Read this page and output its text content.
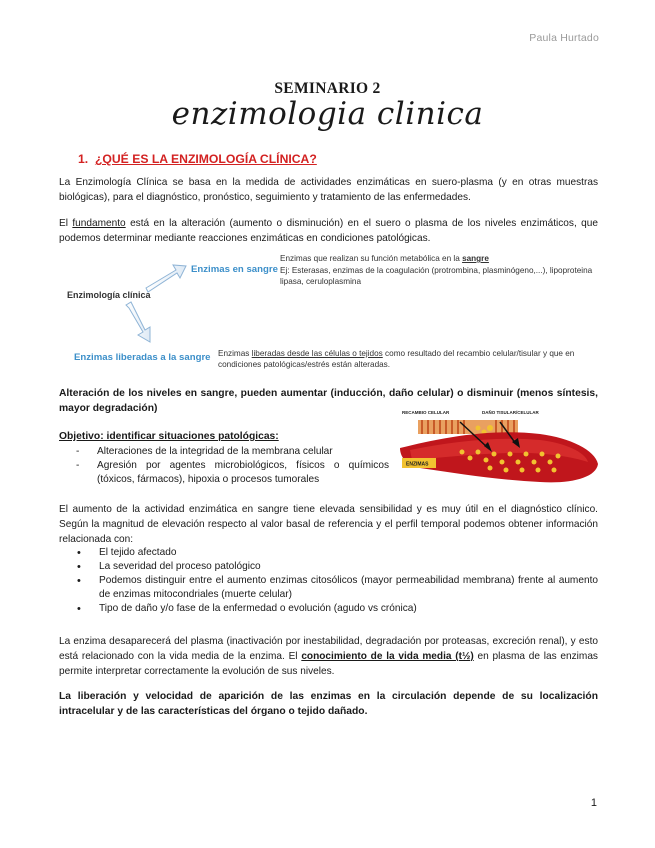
Paula Hurtado
SEMINARIO 2
enzimologia clinica
1. ¿QUÉ ES LA ENZIMOLOGÍA CLÍNICA?
La Enzimología Clínica se basa en la medida de actividades enzimáticas en suero-plasma (y en otras muestras biológicas), para el diagnóstico, pronóstico, seguimiento y tratamiento de las enfermedades.
El fundamento está en la alteración (aumento o disminución) en el suero o plasma de los niveles enzimáticos, que podemos determinar mediante reacciones enzimáticas en condiciones patológicas.
Enzimología clínica
Enzimas en sangre
Enzimas que realizan su función metabólica en la sangre
Ej: Esterasas, enzimas de la coagulación (protrombina, plasminógeno,...), lipoproteina lipasa, ceruloplasmina
Enzimas liberadas a la sangre Enzimas liberadas desde las células o tejidos como resultado del recambio celular/tisular y que en condiciones patológicas/estrés están alteradas.
Alteración de los niveles en sangre, pueden aumentar (inducción, daño celular) o disminuir (menos síntesis, mayor degradación)
Objetivo: identificar situaciones patológicas:
- Alteraciones de la integridad de la membrana celular
- Agresión por agentes microbiológicos, físicos o químicos (tóxicos, fármacos), hipoxia o procesos tumorales
RECAMBIO CELULAR	DAÑO TISULAR/CELULAR
ENZIMAS
El aumento de la actividad enzimática en sangre tiene elevada sensibilidad y es muy útil en el diagnóstico clínico. Según la magnitud de elevación respecto al valor basal de referencia y el perfil temporal podemos obtener información relacionada con:
• El tejido afectado
• La severidad del proceso patológico
• Podemos distinguir entre el aumento enzimas citosólicos (mayor permeabilidad membrana) frente al aumento de enzimas mitocondriales (muerte celular)
• Tipo de daño y/o fase de la enfermedad o evolución (agudo vs crónica)
La enzima desaparecerá del plasma (inactivación por inestabilidad, degradación por proteasas, excreción renal), y esto está relacionado con la vida media de la enzima. El conocimiento de la vida media (t½) en plasma de las enzimas permite interpretar correctamente la evolución de sus niveles.
La liberación y velocidad de aparición de las enzimas en la circulación depende de su localización intracelular y de las características del órgano o tejido dañado.
1
